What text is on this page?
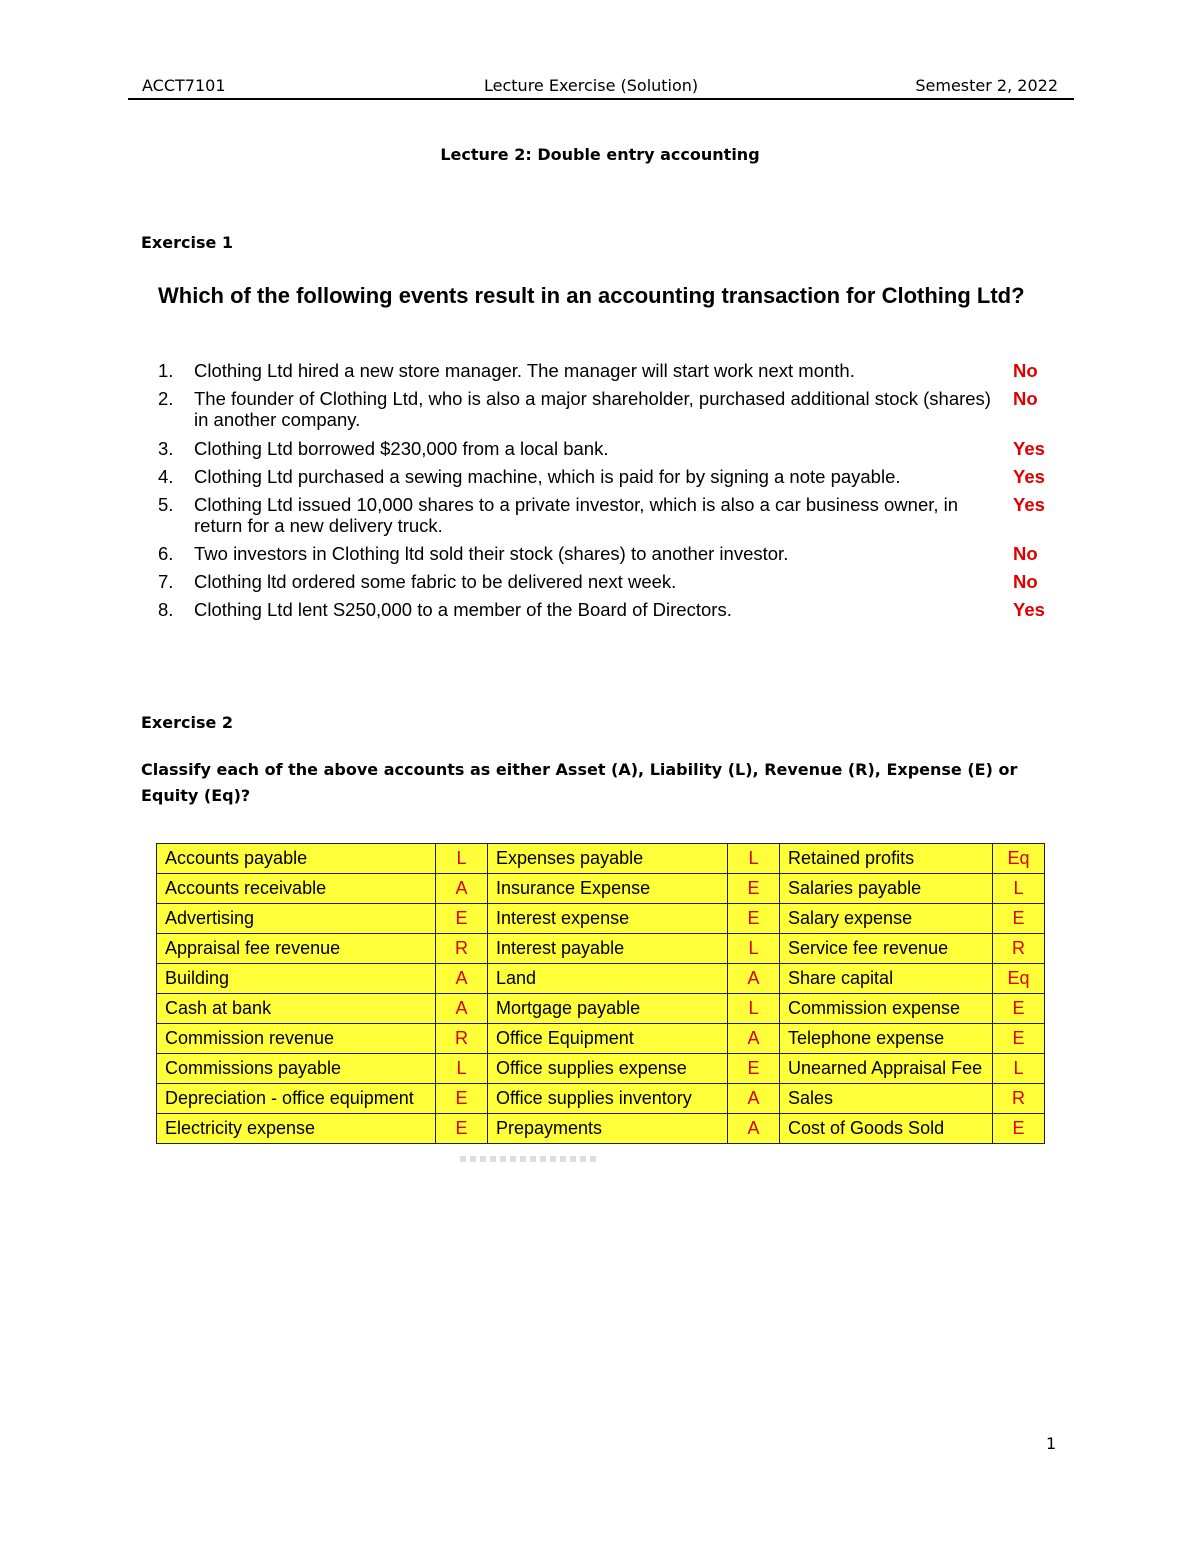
ACCT7101	Lecture Exercise (Solution)	Semester 2, 2022
Lecture 2: Double entry accounting
Exercise 1
Which of the following events result in an accounting transaction for Clothing Ltd?
1.	Clothing Ltd hired a new store manager. The manager will start work next month.	No
2.	The founder of Clothing Ltd, who is also a major shareholder, purchased additional stock (shares) in another company.
No
3.	Clothing Ltd borrowed $230,000 from a local bank.	Yes
4.	Clothing Ltd purchased a sewing machine, which is paid for by signing a note payable.	Yes
5.	Clothing Ltd issued 10,000 shares to a private investor, which is also a car business owner, in return for a new delivery truck.
Yes
6.	Two investors in Clothing ltd sold their stock (shares) to another investor.	No
7.	Clothing ltd ordered some fabric to be delivered next week.	No
8.	Clothing Ltd lent S250,000 to a member of the Board of Directors.	Yes
Exercise 2
Classify each of the above accounts as either Asset (A), Liability (L), Revenue (R), Expense (E) or Equity (Eq)?
Accounts payable	L	Expenses payable	L	Retained profits	Eq
Accounts receivable	A	Insurance Expense	E	Salaries payable	L
Advertising	E	Interest expense	E	Salary expense	E
Appraisal fee revenue	R	Interest payable	L	Service fee revenue	R
Building	A	Land	A	Share capital	Eq
Cash at bank	A	Mortgage payable	L	Commission expense	E
Commission revenue	R	Office Equipment	A	Telephone expense	E
Commissions payable	L	Office supplies expense	E	Unearned Appraisal Fee	L
Depreciation - office equipment	E	Office supplies inventory	A	Sales	R
Electricity expense	E	Prepayments	A	Cost of Goods Sold	E
1
